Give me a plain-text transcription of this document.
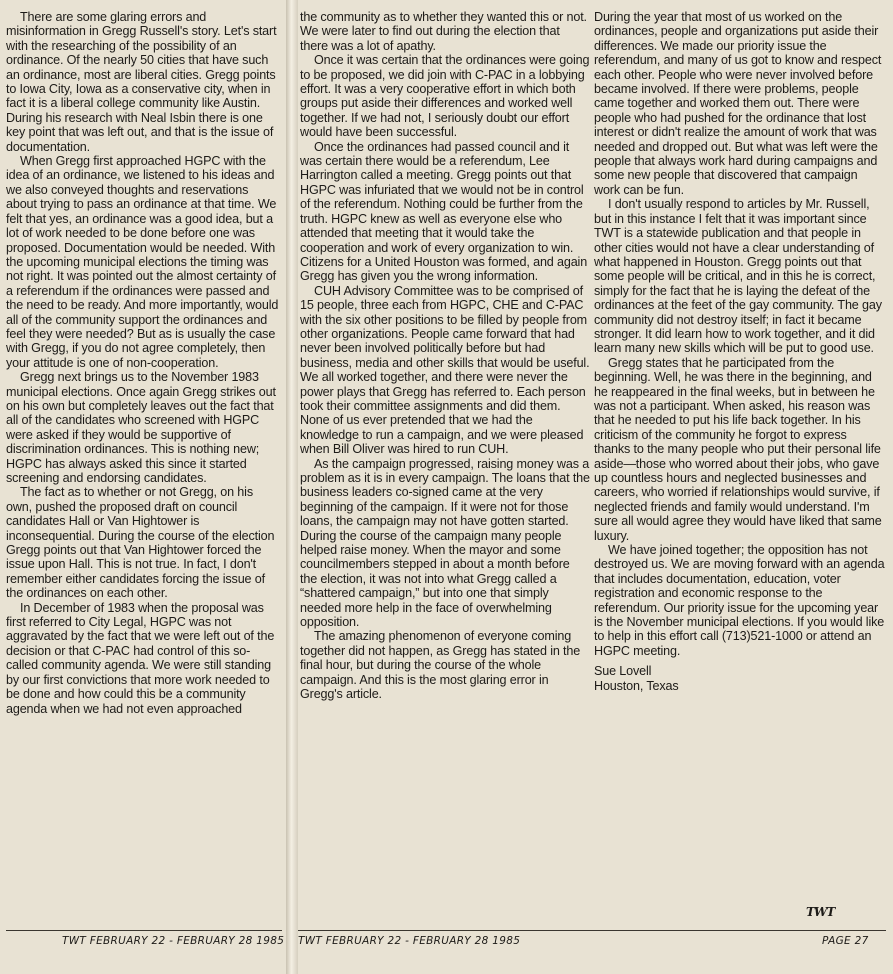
There are some glaring errors and misinformation in Gregg Russell's story. Let's start with the researching of the possibility of an ordinance. Of the nearly 50 cities that have such an ordinance, most are liberal cities. Gregg points to Iowa City, Iowa as a conservative city, when in fact it is a liberal college community like Austin. During his research with Neal Isbin there is one key point that was left out, and that is the issue of documentation.

When Gregg first approached HGPC with the idea of an ordinance, we listened to his ideas and we also conveyed thoughts and reservations about trying to pass an ordinance at that time. We felt that yes, an ordinance was a good idea, but a lot of work needed to be done before one was proposed. Documentation would be needed. With the upcoming municipal elections the timing was not right. It was pointed out the almost certainty of a referendum if the ordinances were passed and the need to be ready. And more importantly, would all of the community support the ordinances and feel they were needed? But as is usually the case with Gregg, if you do not agree completely, then your attitude is one of non-cooperation.

Gregg next brings us to the November 1983 municipal elections. Once again Gregg strikes out on his own but completely leaves out the fact that all of the candidates who screened with HGPC were asked if they would be supportive of discrimination ordinances. This is nothing new; HGPC has always asked this since it started screening and endorsing candidates.

The fact as to whether or not Gregg, on his own, pushed the proposed draft on council candidates Hall or Van Hightower is inconsequential. During the course of the election Gregg points out that Van Hightower forced the issue upon Hall. This is not true. In fact, I don't remember either candidates forcing the issue of the ordinances on each other.

In December of 1983 when the proposal was first referred to City Legal, HGPC was not aggravated by the fact that we were left out of the decision or that C-PAC had control of this so-called community agenda. We were still standing by our first convictions that more work needed to be done and how could this be a community agenda when we had not even approached

the community as to whether they wanted this or not. We were later to find out during the election that there was a lot of apathy.

Once it was certain that the ordinances were going to be proposed, we did join with C-PAC in a lobbying effort. It was a very cooperative effort in which both groups put aside their differences and worked well together. If we had not, I seriously doubt our effort would have been successful.

Once the ordinances had passed council and it was certain there would be a referendum, Lee Harrington called a meeting. Gregg points out that HGPC was infuriated that we would not be in control of the referendum. Nothing could be further from the truth. HGPC knew as well as everyone else who attended that meeting that it would take the cooperation and work of every organization to win. Citizens for a United Houston was formed, and again Gregg has given you the wrong information.

CUH Advisory Committee was to be comprised of 15 people, three each from HGPC, CHE and C-PAC with the six other positions to be filled by people from other organizations. People came forward that had never been involved politically before but had business, media and other skills that would be useful. We all worked together, and there were never the power plays that Gregg has referred to. Each person took their committee assignments and did them. None of us ever pretended that we had the knowledge to run a campaign, and we were pleased when Bill Oliver was hired to run CUH.

As the campaign progressed, raising money was a problem as it is in every campaign. The loans that the business leaders co-signed came at the very beginning of the campaign. If it were not for those loans, the campaign may not have gotten started. During the course of the campaign many people helped raise money. When the mayor and some councilmembers stepped in about a month before the election, it was not into what Gregg called a “shattered campaign,” but into one that simply needed more help in the face of overwhelming opposition.

The amazing phenomenon of everyone coming together did not happen, as Gregg has stated in the final hour, but during the course of the whole campaign. And this is the most glaring error in Gregg's article.

During the year that most of us worked on the ordinances, people and organizations put aside their differences. We made our priority issue the referendum, and many of us got to know and respect each other. People who were never involved before became involved. If there were problems, people came together and worked them out. There were people who had pushed for the ordinance that lost interest or didn't realize the amount of work that was needed and dropped out. But what was left were the people that always work hard during campaigns and some new people that discovered that campaign work can be fun.

I don't usually respond to articles by Mr. Russell, but in this instance I felt that it was important since TWT is a statewide publication and that people in other cities would not have a clear understanding of what happened in Houston. Gregg points out that some people will be critical, and in this he is correct, simply for the fact that he is laying the defeat of the ordinances at the feet of the gay community. The gay community did not destroy itself; in fact it became stronger. It did learn how to work together, and it did learn many new skills which will be put to good use.

Gregg states that he participated from the beginning. Well, he was there in the beginning, and he reappeared in the final weeks, but in between he was not a participant. When asked, his reason was that he needed to put his life back together. In his criticism of the community he forgot to express thanks to the many people who put their personal life aside—those who worred about their jobs, who gave up countless hours and neglected businesses and careers, who worried if relationships would survive, if neglected friends and family would understand. I'm sure all would agree they would have liked that same luxury.

We have joined together; the opposition has not destroyed us. We are moving forward with an agenda that includes documentation, education, voter registration and economic response to the referendum. Our priority issue for the upcoming year is the November municipal elections. If you would like to help in this effort call (713)521-1000 or attend an HGPC meeting.

Sue Lovell
Houston, Texas
TWT
TWT FEBRUARY 22 - FEBRUARY 28 1985 TWT FEBRUARY 22 - FEBRUARY 28 1985	PAGE 27
